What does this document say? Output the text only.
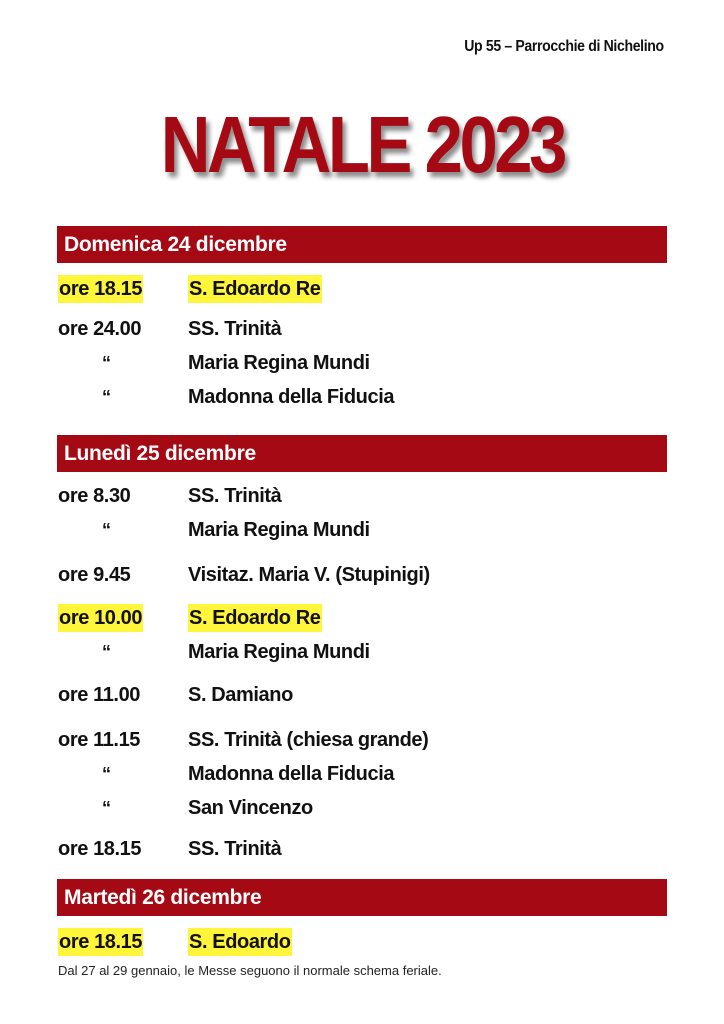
Up 55 – Parrocchie di Nichelino
NATALE 2023
Domenica 24 dicembre
ore 18.15 S. Edoardo Re
ore 24.00 SS. Trinità
“	Maria Regina Mundi
“	Madonna della Fiducia
Lunedì 25 dicembre
ore 8.30	SS. Trinità
“	Maria Regina Mundi
ore 9.45	Visitaz. Maria V. (Stupinigi)
ore 10.00 S. Edoardo Re
“	Maria Regina Mundi
ore 11.00 S. Damiano
ore 11.15 SS. Trinità (chiesa grande)
“	Madonna della Fiducia
“	San Vincenzo
ore 18.15 SS. Trinità
Martedì 26 dicembre
ore 18.15 S. Edoardo
Dal 27 al 29 gennaio, le Messe seguono il normale schema feriale.
